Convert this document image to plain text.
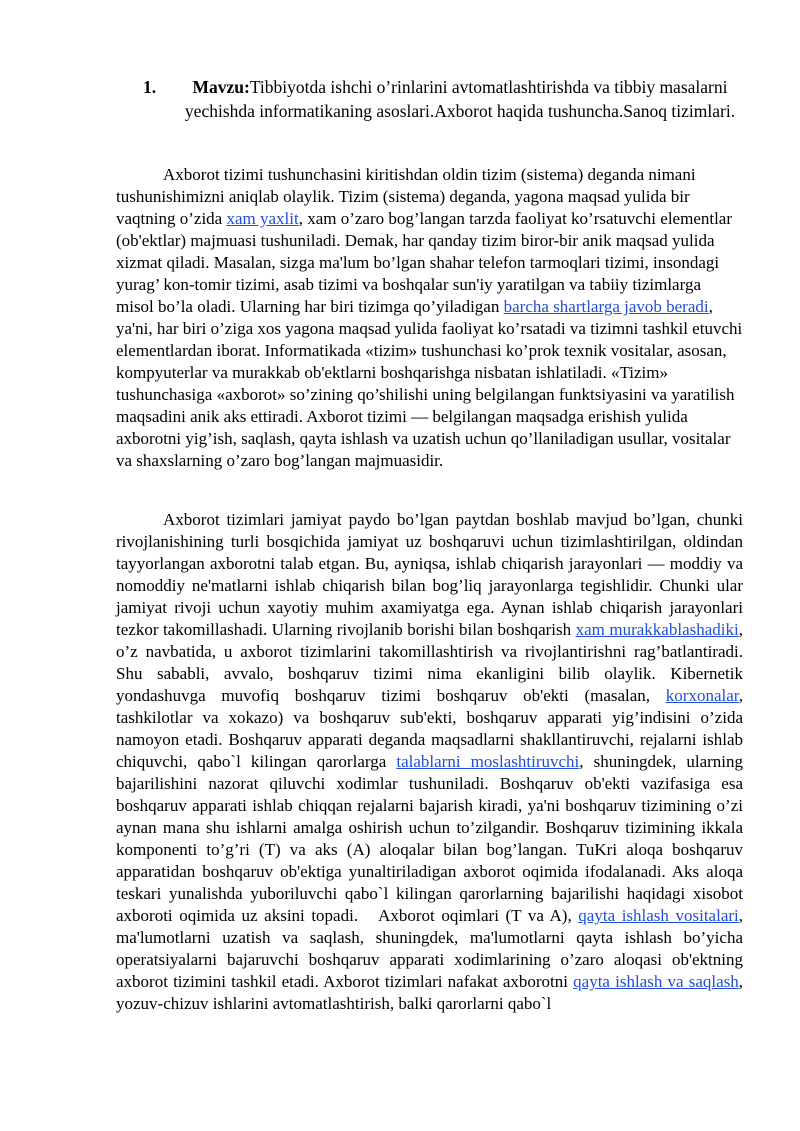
1.	Mavzu:Tibbiyotda ishchi o’rinlarini avtomatlashtirishda va tibbiy masalarni yechishda informatikaning asoslari.Axborot haqida tushuncha.Sanoq tizimlari.

Axborot tizimi tushunchasini kiritishdan oldin tizim (sistema) deganda nimani tushunishimizni aniqlab olaylik. Tizim (sistema) deganda, yagona maqsad yulida bir vaqtning o’zida xam yaxlit, xam o’zaro bog’langan tarzda faoliyat ko’rsatuvchi elementlar (ob'ektlar) majmuasi tushuniladi. Demak, har qanday tizim biror-bir anik maqsad yulida xizmat qiladi. Masalan, sizga ma'lum bo’lgan shahar telefon tarmoqlari tizimi, insondagi yurag’ kon-tomir tizimi, asab tizimi va boshqalar sun'iy yaratilgan va tabiiy tizimlarga misol bo’la oladi. Ularning har biri tizimga qo’yiladigan barcha shartlarga javob beradi, ya'ni, har biri o’ziga xos yagona maqsad yulida faoliyat ko’rsatadi va tizimni tashkil etuvchi elementlardan iborat. Informatikada «tizim» tushunchasi ko’prok texnik vositalar, asosan, kompyuterlar va murakkab ob'ektlarni boshqarishga nisbatan ishlatiladi. «Tizim» tushunchasiga «axborot» so’zining qo’shilishi uning belgilangan funktsiyasini va yaratilish maqsadini anik aks ettiradi. Axborot tizimi — belgilangan maqsadga erishish yulida axborotni yig’ish, saqlash, qayta ishlash va uzatish uchun qo’llaniladigan usullar, vositalar va shaxslarning o’zaro bog’langan majmuasidir.

Axborot tizimlari jamiyat paydo bo’lgan paytdan boshlab mavjud bo’lgan, chunki rivojlanishining turli bosqichida jamiyat uz boshqaruvi uchun tizimlashtirilgan, oldindan tayyorlangan axborotni talab etgan. Bu, ayniqsa, ishlab chiqarish jarayonlari — moddiy va nomoddiy ne'matlarni ishlab chiqarish bilan bog’liq jarayonlarga tegishlidir. Chunki ular jamiyat rivoji uchun xayotiy muhim axamiyatga ega. Aynan ishlab chiqarish jarayonlari tezkor takomillashadi. Ularning rivojlanib borishi bilan boshqarish xam murakkablashadiki, o’z navbatida, u axborot tizimlarini takomillashtirish va rivojlantirishni rag’batlantiradi. Shu sababli, avvalo, boshqaruv tizimi nima ekanligini bilib olaylik. Kibernetik yondashuvga muvofiq boshqaruv tizimi boshqaruv ob'ekti (masalan, korxonalar, tashkilotlar va xokazo) va boshqaruv sub'ekti, boshqaruv apparati yig’indisini o’zida namoyon etadi. Boshqaruv apparati deganda maqsadlarni shakllantiruvchi, rejalarni ishlab chiquvchi, qabo`l kilingan qarorlarga talablarni moslashtiruvchi, shuningdek, ularning bajarilishini nazorat qiluvchi xodimlar tushuniladi. Boshqaruv ob'ekti vazifasiga esa boshqaruv apparati ishlab chiqqan rejalarni bajarish kiradi, ya'ni boshqaruv tizimining o’zi aynan mana shu ishlarni amalga oshirish uchun to’zilgandir. Boshqaruv tizimining ikkala komponenti to’g’ri (T) va aks (A) aloqalar bilan bog’langan. TuKri aloqa boshqaruv apparatidan boshqaruv ob'ektiga yunaltiriladigan axborot oqimida ifodalanadi. Aks aloqa teskari yunalishda yuboriluvchi qabo`l kilingan qarorlarning bajarilishi haqidagi xisobot axboroti oqimida uz aksini topadi. Axborot oqimlari (T va A), qayta ishlash vositalari, ma'lumotlarni uzatish va saqlash, shuningdek, ma'lumotlarni qayta ishlash bo’yicha operatsiyalarni bajaruvchi boshqaruv apparati xodimlarining o’zaro aloqasi ob'ektning axborot tizimini tashkil etadi. Axborot tizimlari nafakat axborotni qayta ishlash va saqlash, yozuv-chizuv ishlarini avtomatlashtirish, balki qarorlarni qabo`l
